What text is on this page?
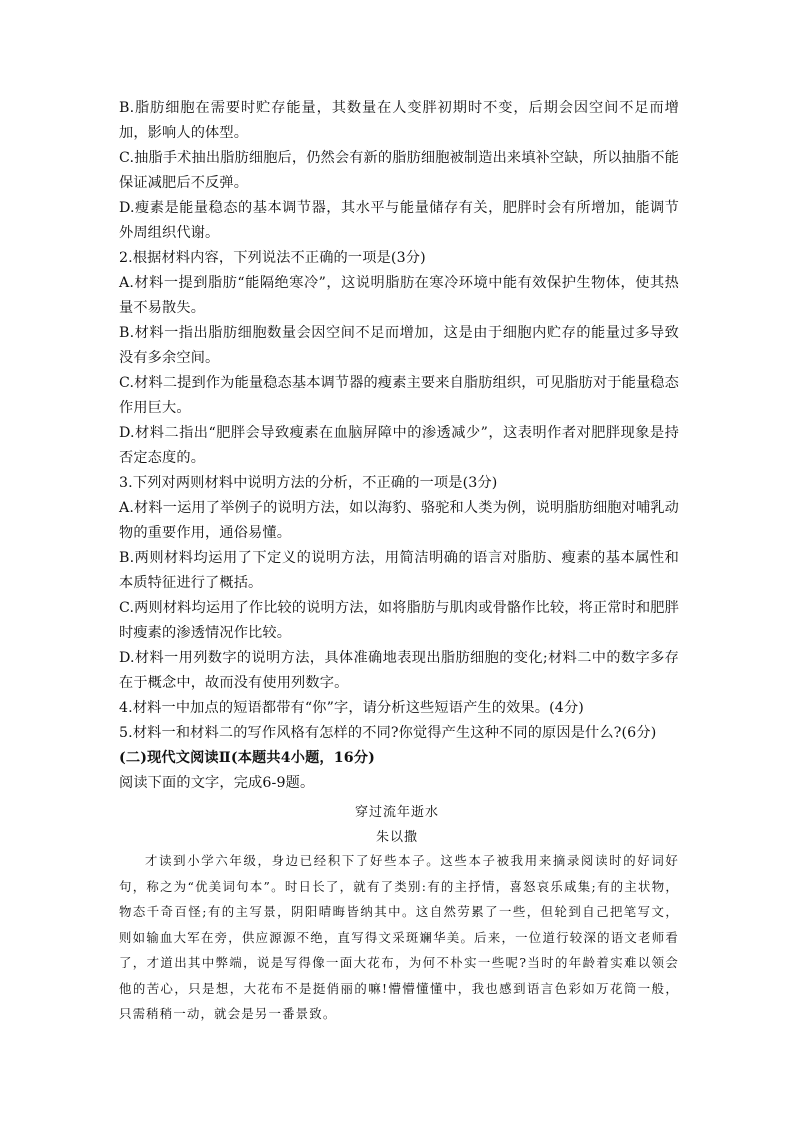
B.脂肪细胞在需要时贮存能量，其数量在人变胖初期时不变，后期会因空间不足而增加，影响人的体型。

C.抽脂手术抽出脂肪细胞后，仍然会有新的脂肪细胞被制造出来填补空缺，所以抽脂不能保证减肥后不反弹。

D.瘦素是能量稳态的基本调节器，其水平与能量储存有关，肥胖时会有所增加，能调节外周组织代谢。

2.根据材料内容，下列说法不正确的一项是(3分)

A.材料一提到脂肪“能隔绝寒冷”，这说明脂肪在寒冷环境中能有效保护生物体，使其热量不易散失。

B.材料一指出脂肪细胞数量会因空间不足而增加，这是由于细胞内贮存的能量过多导致没有多余空间。

C.材料二提到作为能量稳态基本调节器的瘦素主要来自脂肪组织，可见脂肪对于能量稳态作用巨大。

D.材料二指出“肥胖会导致瘦素在血脑屏障中的渗透减少”，这表明作者对肥胖现象是持否定态度的。

3.下列对两则材料中说明方法的分析，不正确的一项是(3分)

A.材料一运用了举例子的说明方法，如以海豹、骆驼和人类为例，说明脂肪细胞对哺乳动物的重要作用，通俗易懂。

B.两则材料均运用了下定义的说明方法，用简洁明确的语言对脂肪、瘦素的基本属性和本质特征进行了概括。

C.两则材料均运用了作比较的说明方法，如将脂肪与肌肉或骨骼作比较，将正常时和肥胖时瘦素的渗透情况作比较。

D.材料一用列数字的说明方法，具体准确地表现出脂肪细胞的变化;材料二中的数字多存在于概念中，故而没有使用列数字。

4.材料一中加点的短语都带有“你”字，请分析这些短语产生的效果。(4分)

5.材料一和材料二的写作风格有怎样的不同?你觉得产生这种不同的原因是什么?(6分)

(二)现代文阅读Ⅱ(本题共4小题，16分)

阅读下面的文字，完成6-9题。

穿过流年逝水

朱以撒

才读到小学六年级，身边已经积下了好些本子。这些本子被我用来摘录阅读时的好词好句，称之为“优美词句本”。时日长了，就有了类别:有的主抒情，喜怒哀乐咸集;有的主状物，物态千奇百怪;有的主写景，阴阳晴晦皆纳其中。这自然劳累了一些，但轮到自己把笔写文，则如输血大军在旁，供应源源不绝，直写得文采斑斓华美。后来，一位道行较深的语文老师看了，才道出其中弊端，说是写得像一面大花布，为何不朴实一些呢?当时的年龄着实难以领会他的苦心，只是想，大花布不是挺俏丽的嘛!懵懵懂懂中，我也感到语言色彩如万花筒一般，只需稍稍一动，就会是另一番景致。
